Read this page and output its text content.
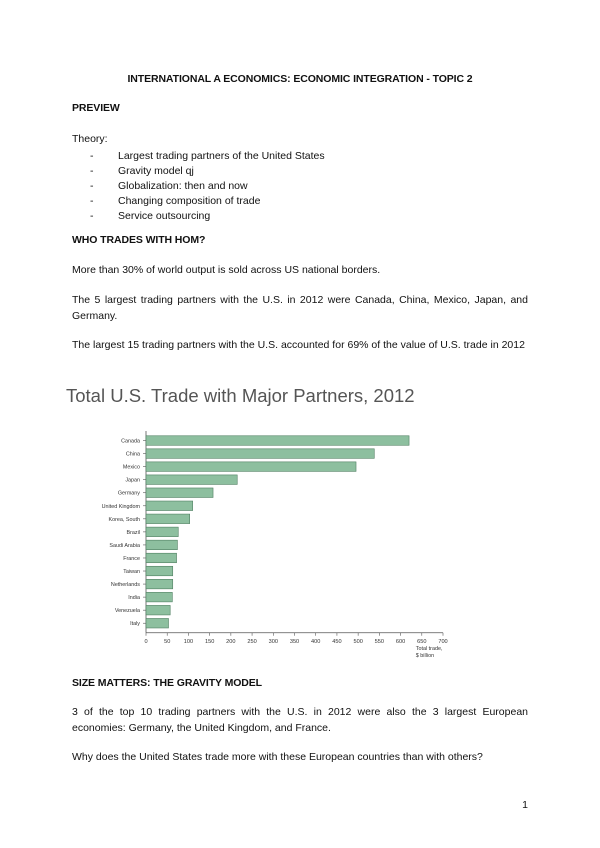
INTERNATIONAL A ECONOMICS: ECONOMIC INTEGRATION - TOPIC 2
PREVIEW
Theory:
- Largest trading partners of the United States
- Gravity model qj
- Globalization: then and now
- Changing composition of trade
- Service outsourcing
WHO TRADES WITH HOM?
More than 30% of world output is sold across US national borders.
The 5 largest trading partners with the U.S. in 2012 were Canada, China, Mexico, Japan, and Germany.
The largest 15 trading partners with the U.S. accounted for 69% of the value of U.S. trade in 2012
Total U.S. Trade with Major Partners, 2012
Canada
China
Mexico
Japan
Germany
United Kingdom
Korea, South
Brazil
Saudi Arabia
France
Taiwan
Netherlands
India
Venezuela
Italy
0	50 100 150 200 250 300 350 400 450 500 550 600 650 700
Total trade,
$ billion
SIZE MATTERS: THE GRAVITY MODEL
3 of the top 10 trading partners with the U.S. in 2012 were also the 3 largest European economies: Germany, the United Kingdom, and France.
Why does the United States trade more with these European countries than with others?
1
